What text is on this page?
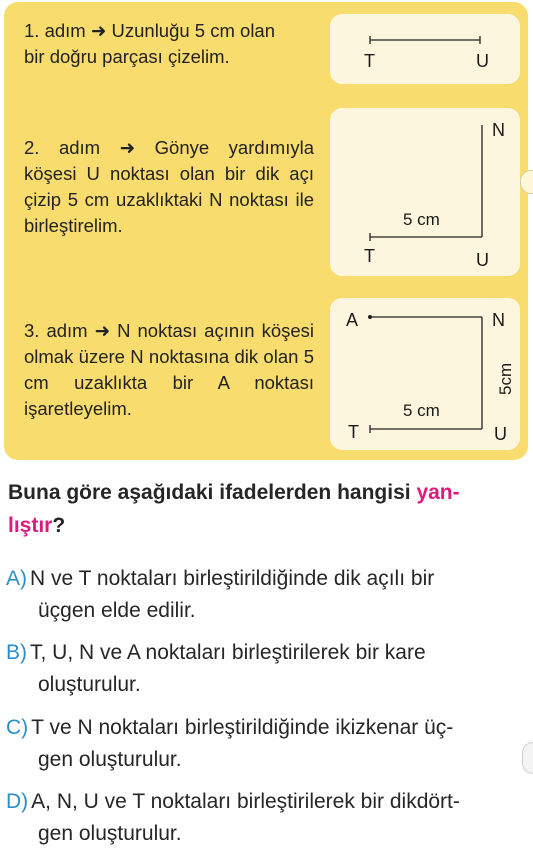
1. adım ➜ Uzunluğu 5 cm olan
bir doğru parçası çizelim.
2. adım ➜ Gönye yardımıyla köşesi U noktası olan bir dik açı çizip 5 cm uzaklıktaki N noktası ile birleştirelim.
3. adım ➜ N noktası açının köşesi olmak üzere N noktasına dik olan 5 cm uzaklıkta bir A noktası işaretleyelim.
T	U
T	U
N
5 cm
A	N
T	U
5 cm
5cm
Buna göre aşağıdaki ifadelerden hangisi yan-
lıştır?
A) N ve T noktaları birleştirildiğinde dik açılı bir
üçgen elde edilir.
B) T, U, N ve A noktaları birleştirilerek bir kare
oluşturulur.
C) T ve N noktaları birleştirildiğinde ikizkenar üç-
gen oluşturulur.
D) A, N, U ve T noktaları birleştirilerek bir dikdört-
gen oluşturulur.
